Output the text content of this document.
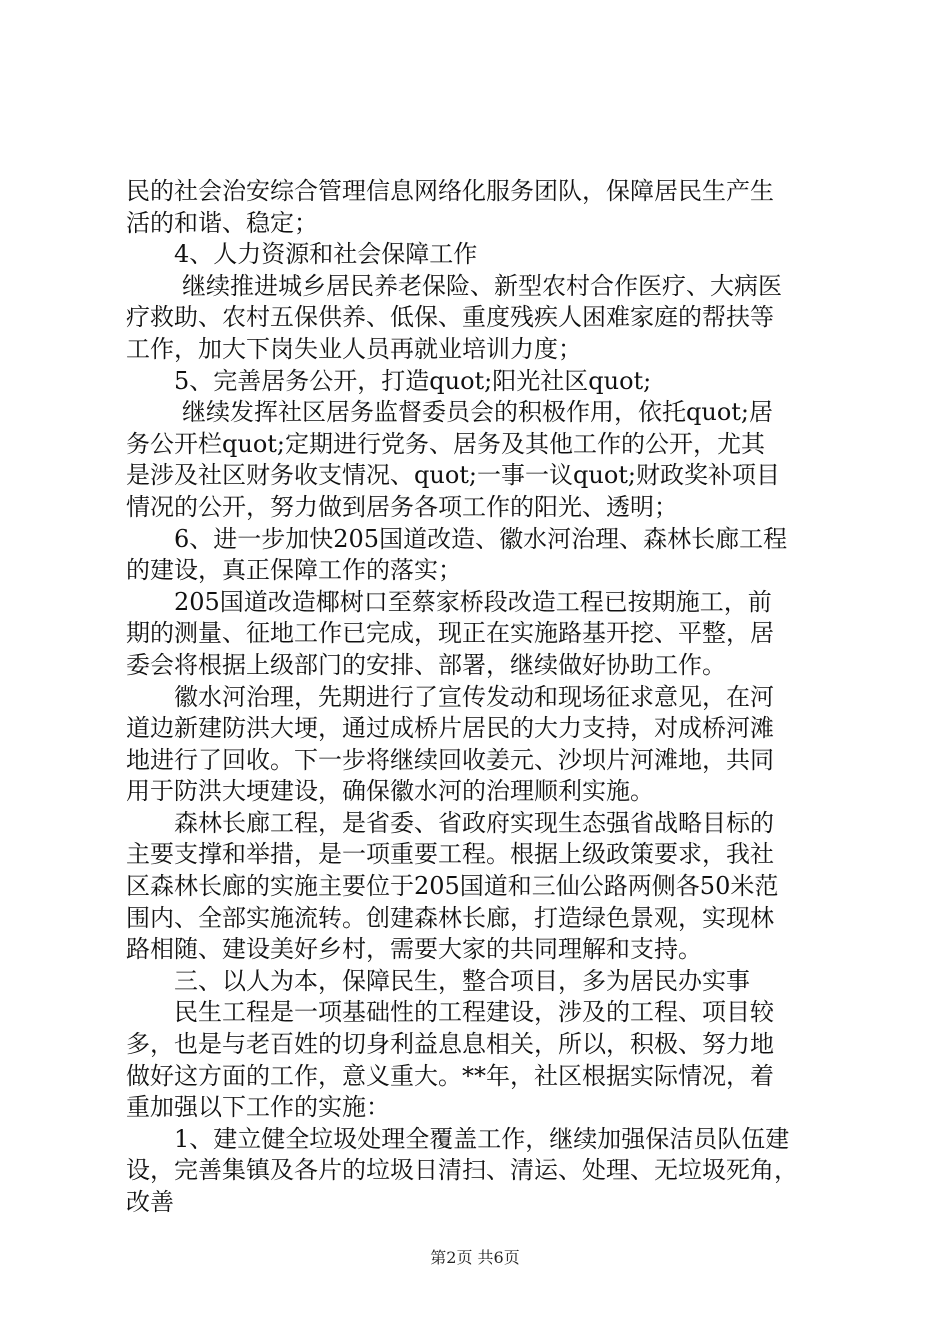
民的社会治安综合管理信息网络化服务团队，保障居民生产生
活的和谐、稳定；
4、人力资源和社会保障工作
继续推进城乡居民养老保险、新型农村合作医疗、大病医
疗救助、农村五保供养、低保、重度残疾人困难家庭的帮扶等
工作，加大下岗失业人员再就业培训力度；
5、完善居务公开，打造quot;阳光社区quot;
继续发挥社区居务监督委员会的积极作用，依托quot;居
务公开栏quot;定期进行党务、居务及其他工作的公开，尤其
是涉及社区财务收支情况、quot;一事一议quot;财政奖补项目
情况的公开，努力做到居务各项工作的阳光、透明；
6、进一步加快205国道改造、徽水河治理、森林长廊工程
的建设，真正保障工作的落实；
205国道改造椰树口至蔡家桥段改造工程已按期施工，前
期的测量、征地工作已完成，现正在实施路基开挖、平整，居
委会将根据上级部门的安排、部署，继续做好协助工作。
徽水河治理，先期进行了宣传发动和现场征求意见，在河
道边新建防洪大埂，通过成桥片居民的大力支持，对成桥河滩
地进行了回收。下一步将继续回收姜元、沙坝片河滩地，共同
用于防洪大埂建设，确保徽水河的治理顺利实施。
森林长廊工程，是省委、省政府实现生态强省战略目标的
主要支撑和举措，是一项重要工程。根据上级政策要求，我社
区森林长廊的实施主要位于205国道和三仙公路两侧各50米范
围内、全部实施流转。创建森林长廊，打造绿色景观，实现林
路相随、建设美好乡村，需要大家的共同理解和支持。
三、以人为本，保障民生，整合项目，多为居民办实事
民生工程是一项基础性的工程建设，涉及的工程、项目较
多，也是与老百姓的切身利益息息相关，所以，积极、努力地
做好这方面的工作，意义重大。**年，社区根据实际情况，着
重加强以下工作的实施：
1、建立健全垃圾处理全覆盖工作，继续加强保洁员队伍建
设，完善集镇及各片的垃圾日清扫、清运、处理、无垃圾死角，
改善
第2页 共6页
